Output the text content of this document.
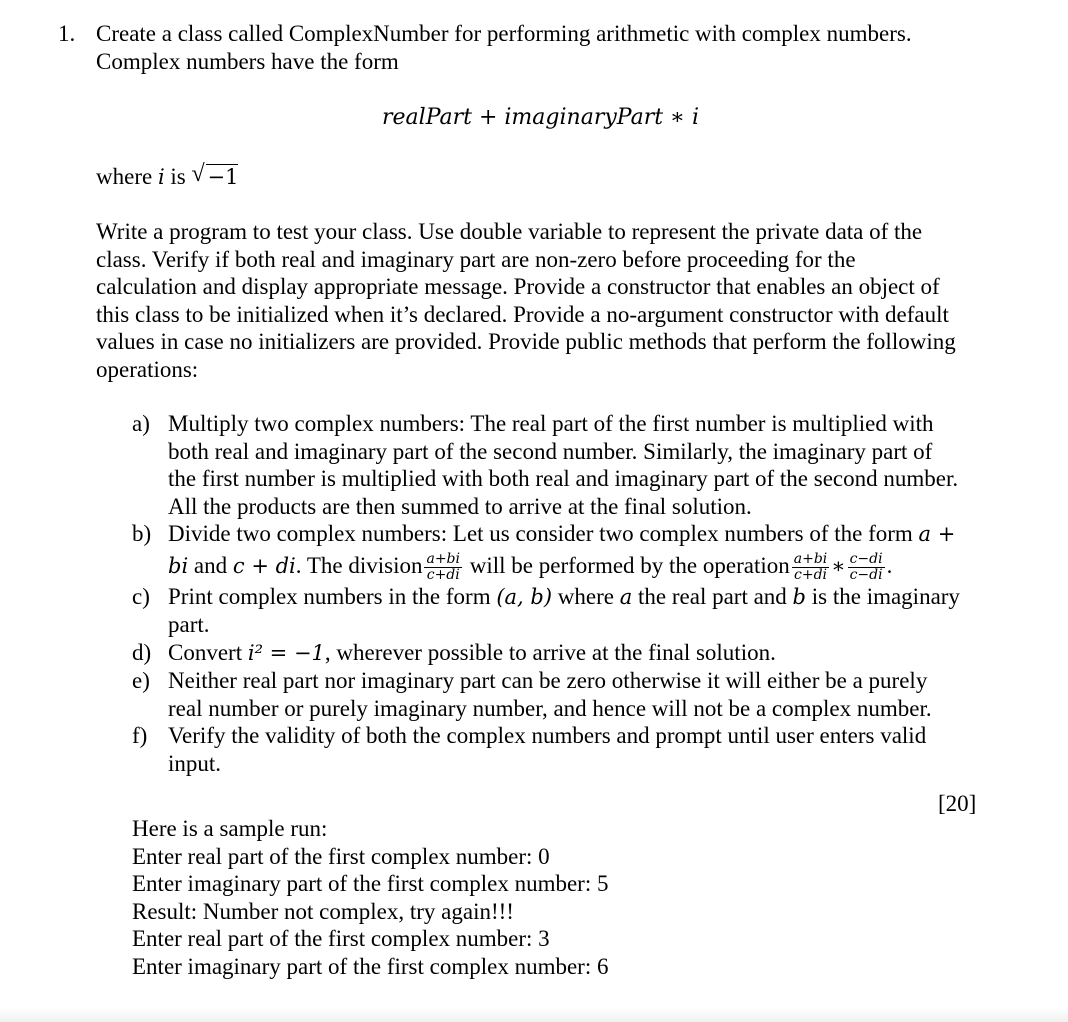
1. Create a class called ComplexNumber for performing arithmetic with complex numbers.
Complex numbers have the form
realPart + imaginaryPart ∗ i
where i is √ −1
Write a program to test your class. Use double variable to represent the private data of the
class. Verify if both real and imaginary part are non-zero before proceeding for the
calculation and display appropriate message. Provide a constructor that enables an object of
this class to be initialized when it’s declared. Provide a no-argument constructor with default
values in case no initializers are provided. Provide public methods that perform the following
operations:
a) Multiply two complex numbers: The real part of the first number is multiplied with
both real and imaginary part of the second number. Similarly, the imaginary part of
the first number is multiplied with both real and imaginary part of the second number.
All the products are then summed to arrive at the final solution.
b) Divide two complex numbers: Let us consider two complex numbers of the form a +
bi and c + di. The division $\frac{a+bi}{c+di}$ will be performed by the operation $\frac{a+bi}{c+di}$ ∗ $\frac{c-di}{c-di}$ .
c) Print complex numbers in the form (a, b) where a the real part and b is the imaginary
part.
d) Convert i² = −1, wherever possible to arrive at the final solution.
e) Neither real part nor imaginary part can be zero otherwise it will either be a purely
real number or purely imaginary number, and hence will not be a complex number.
f) Verify the validity of both the complex numbers and prompt until user enters valid
input.
[20]
Here is a sample run:
Enter real part of the first complex number: 0
Enter imaginary part of the first complex number: 5
Result: Number not complex, try again!!!
Enter real part of the first complex number: 3
Enter imaginary part of the first complex number: 6
